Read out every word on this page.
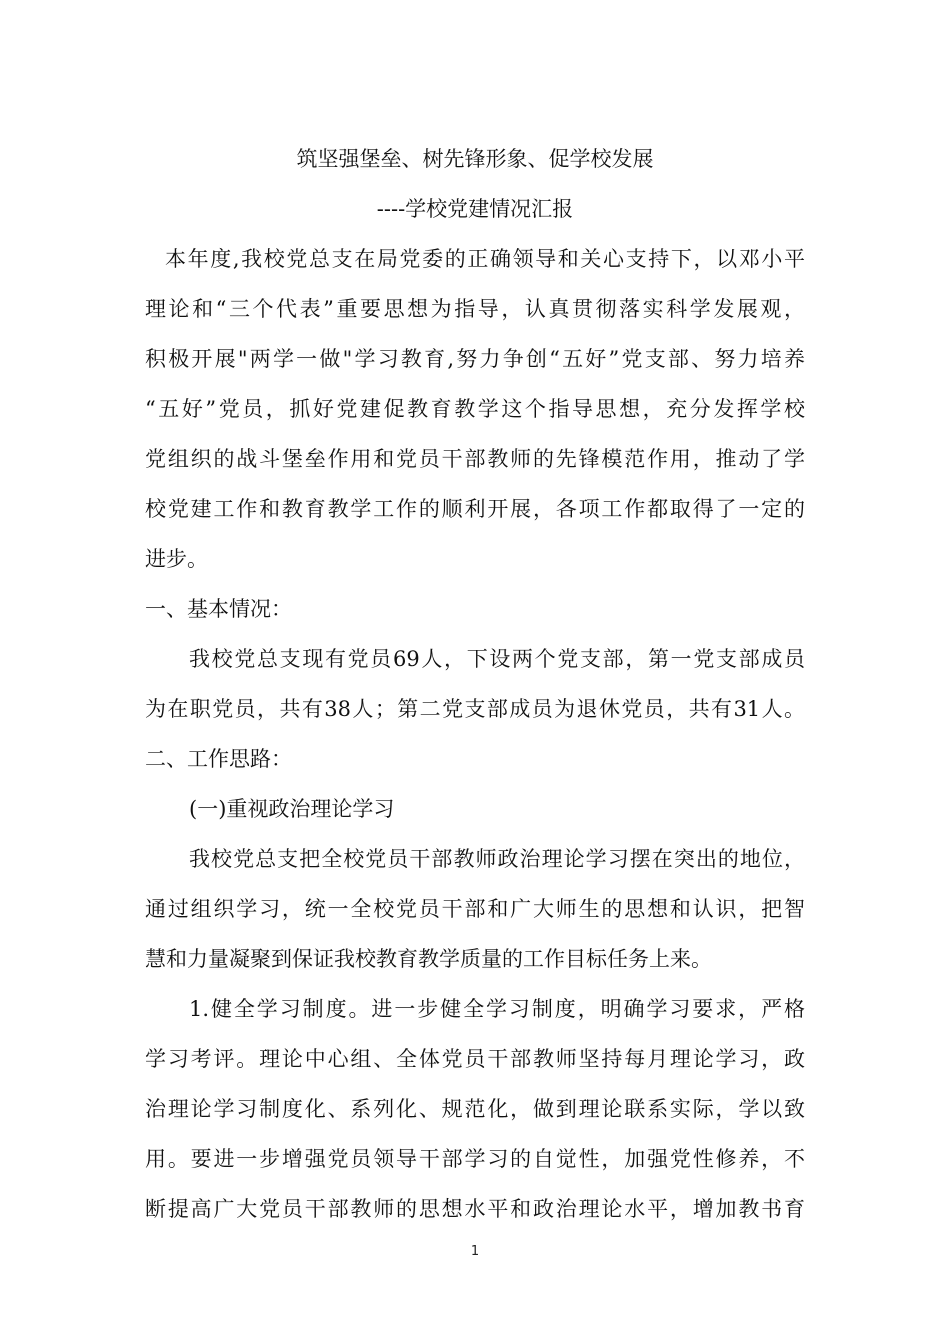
筑坚强堡垒、树先锋形象、促学校发展
----学校党建情况汇报
本年度,我校党总支在局党委的正确领导和关心支持下，以邓小平
理论和“三个代表”重要思想为指导，认真贯彻落实科学发展观，
积极开展"两学一做"学习教育,努力争创“五好”党支部、努力培养
“五好”党员，抓好党建促教育教学这个指导思想，充分发挥学校
党组织的战斗堡垒作用和党员干部教师的先锋模范作用，推动了学
校党建工作和教育教学工作的顺利开展，各项工作都取得了一定的
进步。
一、基本情况：
我校党总支现有党员69人，下设两个党支部，第一党支部成员
为在职党员，共有38人；第二党支部成员为退休党员，共有31人。
二、工作思路：
(一)重视政治理论学习
我校党总支把全校党员干部教师政治理论学习摆在突出的地位，
通过组织学习，统一全校党员干部和广大师生的思想和认识，把智
慧和力量凝聚到保证我校教育教学质量的工作目标任务上来。
1.健全学习制度。进一步健全学习制度，明确学习要求，严格
学习考评。理论中心组、全体党员干部教师坚持每月理论学习，政
治理论学习制度化、系列化、规范化，做到理论联系实际，学以致
用。要进一步增强党员领导干部学习的自觉性，加强党性修养，不
断提高广大党员干部教师的思想水平和政治理论水平，增加教书育
1
